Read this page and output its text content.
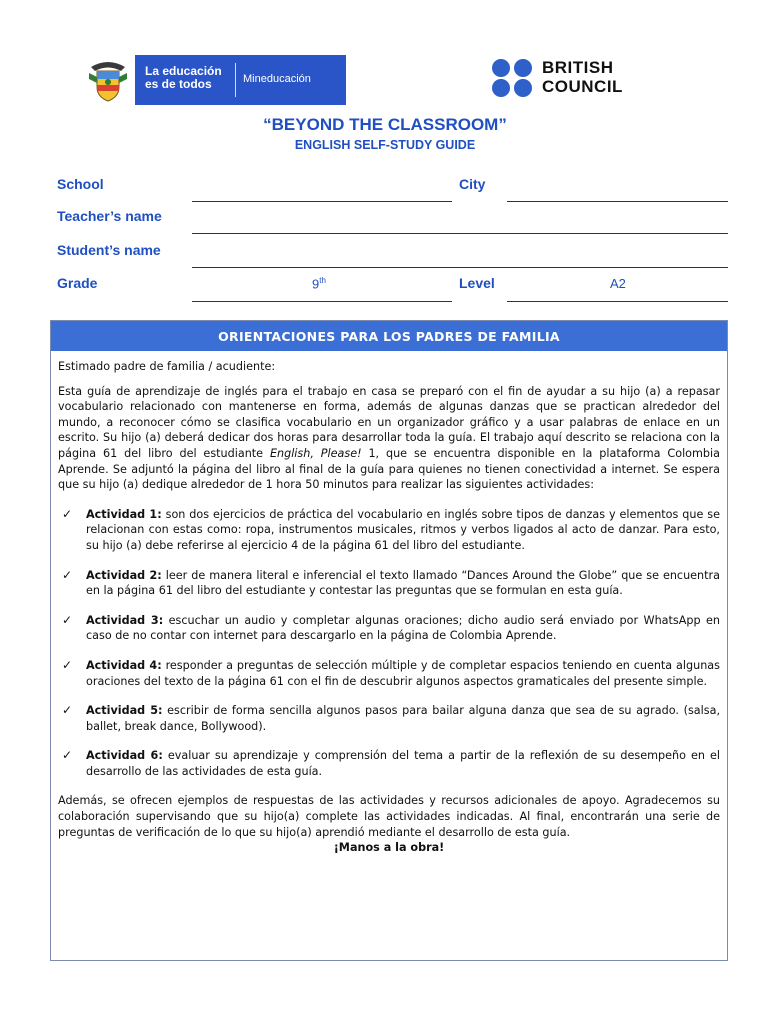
La educación
es de todos	Mineducación
BRITISH
COUNCIL
“BEYOND THE CLASSROOM”
ENGLISH SELF-STUDY GUIDE
School	City
Teacher’s name
Student’s name
Grade	9th	Level	A2
ORIENTACIONES PARA LOS PADRES DE FAMILIA

Estimado padre de familia / acudiente:

Esta guía de aprendizaje de inglés para el trabajo en casa se preparó con el fin de ayudar a su hijo (a) a repasar vocabulario relacionado con mantenerse en forma, además de algunas danzas que se practican alrededor del mundo, a reconocer cómo se clasifica vocabulario en un organizador gráfico y a usar palabras de enlace en un escrito. Su hijo (a) deberá dedicar dos horas para desarrollar toda la guía. El trabajo aquí descrito se relaciona con la página 61 del libro del estudiante English, Please! 1, que se encuentra disponible en la plataforma Colombia Aprende. Se adjuntó la página del libro al final de la guía para quienes no tienen conectividad a internet. Se espera que su hijo (a) dedique alrededor de 1 hora 50 minutos para realizar las siguientes actividades:

✓ Actividad 1: son dos ejercicios de práctica del vocabulario en inglés sobre tipos de danzas y elementos que se relacionan con estas como: ropa, instrumentos musicales, ritmos y verbos ligados al acto de danzar. Para esto, su hijo (a) debe referirse al ejercicio 4 de la página 61 del libro del estudiante.
✓ Actividad 2: leer de manera literal e inferencial el texto llamado “Dances Around the Globe” que se encuentra en la página 61 del libro del estudiante y contestar las preguntas que se formulan en esta guía.
✓ Actividad 3: escuchar un audio y completar algunas oraciones; dicho audio será enviado por WhatsApp en caso de no contar con internet para descargarlo en la página de Colombia Aprende.
✓ Actividad 4: responder a preguntas de selección múltiple y de completar espacios teniendo en cuenta algunas oraciones del texto de la página 61 con el fin de descubrir algunos aspectos gramaticales del presente simple.
✓ Actividad 5: escribir de forma sencilla algunos pasos para bailar alguna danza que sea de su agrado. (salsa, ballet, break dance, Bollywood).
✓ Actividad 6: evaluar su aprendizaje y comprensión del tema a partir de la reflexión de su desempeño en el desarrollo de las actividades de esta guía.

Además, se ofrecen ejemplos de respuestas de las actividades y recursos adicionales de apoyo. Agradecemos su colaboración supervisando que su hijo(a) complete las actividades indicadas. Al final, encontrarán una serie de preguntas de verificación de lo que su hijo(a) aprendió mediante el desarrollo de esta guía.

¡Manos a la obra!
